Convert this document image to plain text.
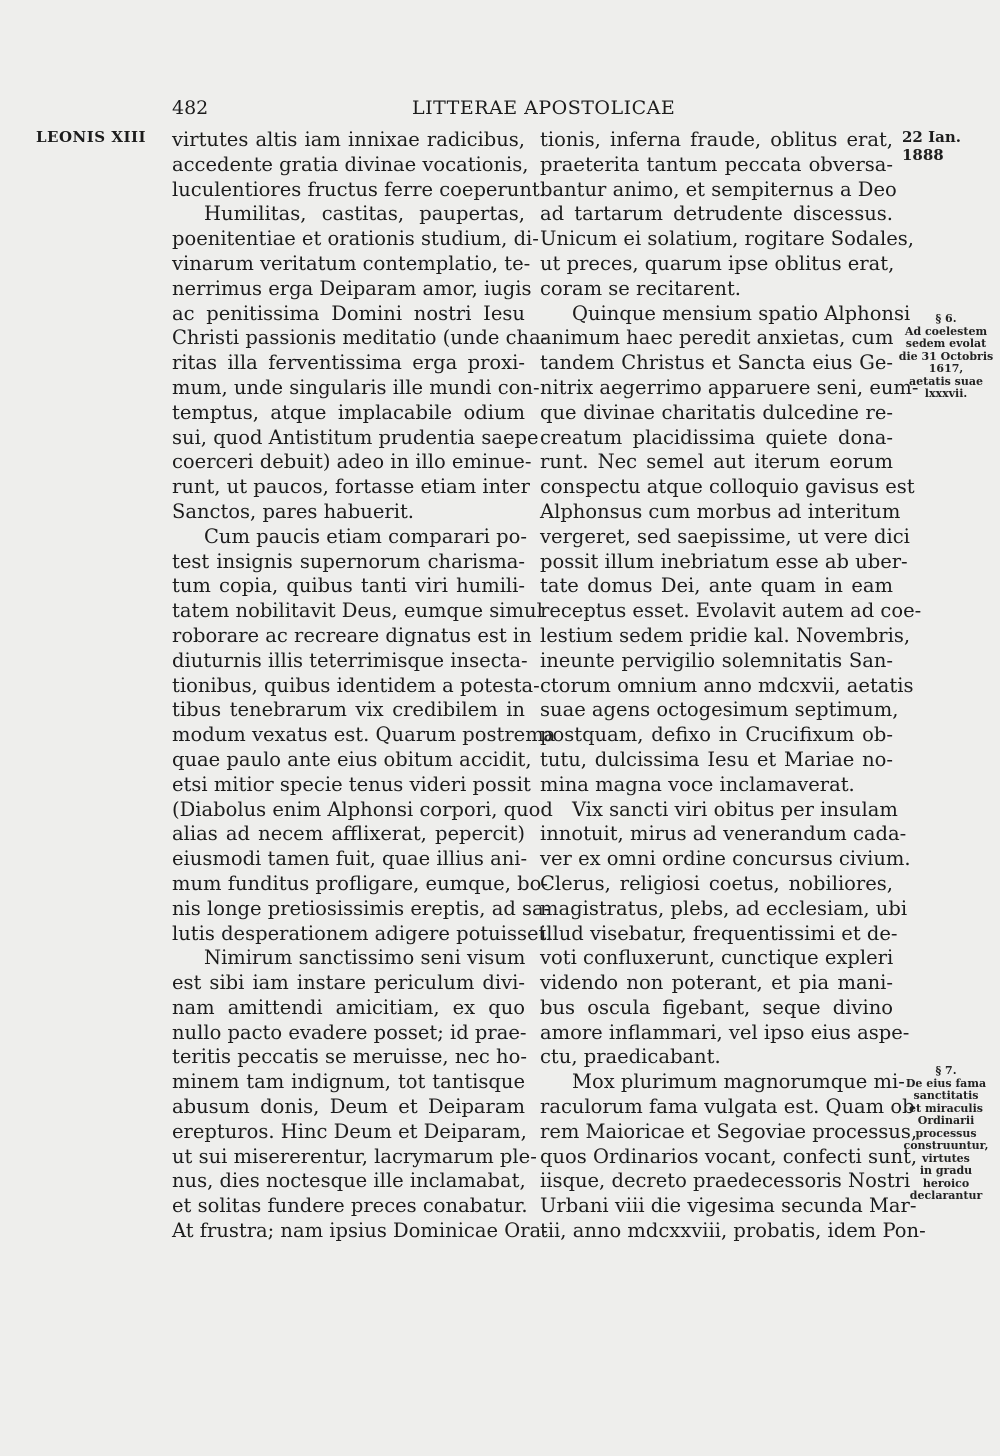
482	LITTERAE APOSTOLICAE
LEONIS XIII	22 Ian. 1888
virtutes altis iam innixae radicibus,
accedente gratia divinae vocationis,
luculentiores fructus ferre coeperunt.
Humilitas, castitas, paupertas,
poenitentiae et orationis studium, di-
vinarum veritatum contemplatio, te-
nerrimus erga Deiparam amor, iugis
ac penitissima Domini nostri Iesu
Christi passionis meditatio (unde cha-
ritas illa ferventissima erga proxi-
mum, unde singularis ille mundi con-
temptus, atque implacabile odium
sui, quod Antistitum prudentia saepe
coerceri debuit) adeo in illo eminue-
runt, ut paucos, fortasse etiam inter
Sanctos, pares habuerit.
Cum paucis etiam comparari po-
test insignis supernorum charisma-
tum copia, quibus tanti viri humili-
tatem nobilitavit Deus, eumque simul
roborare ac recreare dignatus est in
diuturnis illis teterrimisque insecta-
tionibus, quibus identidem a potesta-
tibus tenebrarum vix credibilem in
modum vexatus est. Quarum postrema
quae paulo ante eius obitum accidit,
etsi mitior specie tenus videri possit
(Diabolus enim Alphonsi corpori, quod
alias ad necem afflixerat, pepercit)
eiusmodi tamen fuit, quae illius ani-
mum funditus profligare, eumque, bo-
nis longe pretiosissimis ereptis, ad sa-
lutis desperationem adigere potuisset.
Nimirum sanctissimo seni visum
est sibi iam instare periculum divi-
nam amittendi amicitiam, ex quo
nullo pacto evadere posset; id prae-
teritis peccatis se meruisse, nec ho-
minem tam indignum, tot tantisque
abusum donis, Deum et Deiparam
erepturos. Hinc Deum et Deiparam,
ut sui misererentur, lacrymarum ple-
nus, dies noctesque ille inclamabat,
et solitas fundere preces conabatur.
At frustra; nam ipsius Dominicae Ora-
tionis, inferna fraude, oblitus erat,
praeterita tantum peccata obversa-
bantur animo, et sempiternus a Deo
ad tartarum detrudente discessus.
Unicum ei solatium, rogitare Sodales,
ut preces, quarum ipse oblitus erat,
coram se recitarent.
Quinque mensium spatio Alphonsi
animum haec peredit anxietas, cum
tandem Christus et Sancta eius Ge-
nitrix aegerrimo apparuere seni, eum-
que divinae charitatis dulcedine re-
creatum placidissima quiete dona-
runt. Nec semel aut iterum eorum
conspectu atque colloquio gavisus est
Alphonsus cum morbus ad interitum
vergeret, sed saepissime, ut vere dici
possit illum inebriatum esse ab uber-
tate domus Dei, ante quam in eam
receptus esset. Evolavit autem ad coe-
lestium sedem pridie kal. Novembris,
ineunte pervigilio solemnitatis San-
ctorum omnium anno mdcxvii, aetatis
suae agens octogesimum septimum,
postquam, defixo in Crucifixum ob-
tutu, dulcissima Iesu et Mariae no-
mina magna voce inclamaverat.
Vix sancti viri obitus per insulam
innotuit, mirus ad venerandum cada-
ver ex omni ordine concursus civium.
Clerus, religiosi coetus, nobiliores,
magistratus, plebs, ad ecclesiam, ubi
illud visebatur, frequentissimi et de-
voti confluxerunt, cunctique expleri
videndo non poterant, et pia mani-
bus oscula figebant, seque divino
amore inflammari, vel ipso eius aspe-
ctu, praedicabant.
Mox plurimum magnorumque mi-
raculorum fama vulgata est. Quam ob
rem Maioricae et Segoviae processus,
quos Ordinarios vocant, confecti sunt,
iisque, decreto praedecessoris Nostri
Urbani viii die vigesima secunda Mar-
tii, anno mdcxxviii, probatis, idem Pon-
§ 6.
Ad coelestem
sedem evolat
die 31 Octobris
1617,
aetatis suae
lxxxvii.
§ 7.
De eius fama
sanctitatis
et miraculis
Ordinarii
processus
construuntur,
virtutes
in gradu
heroico
declarantur
